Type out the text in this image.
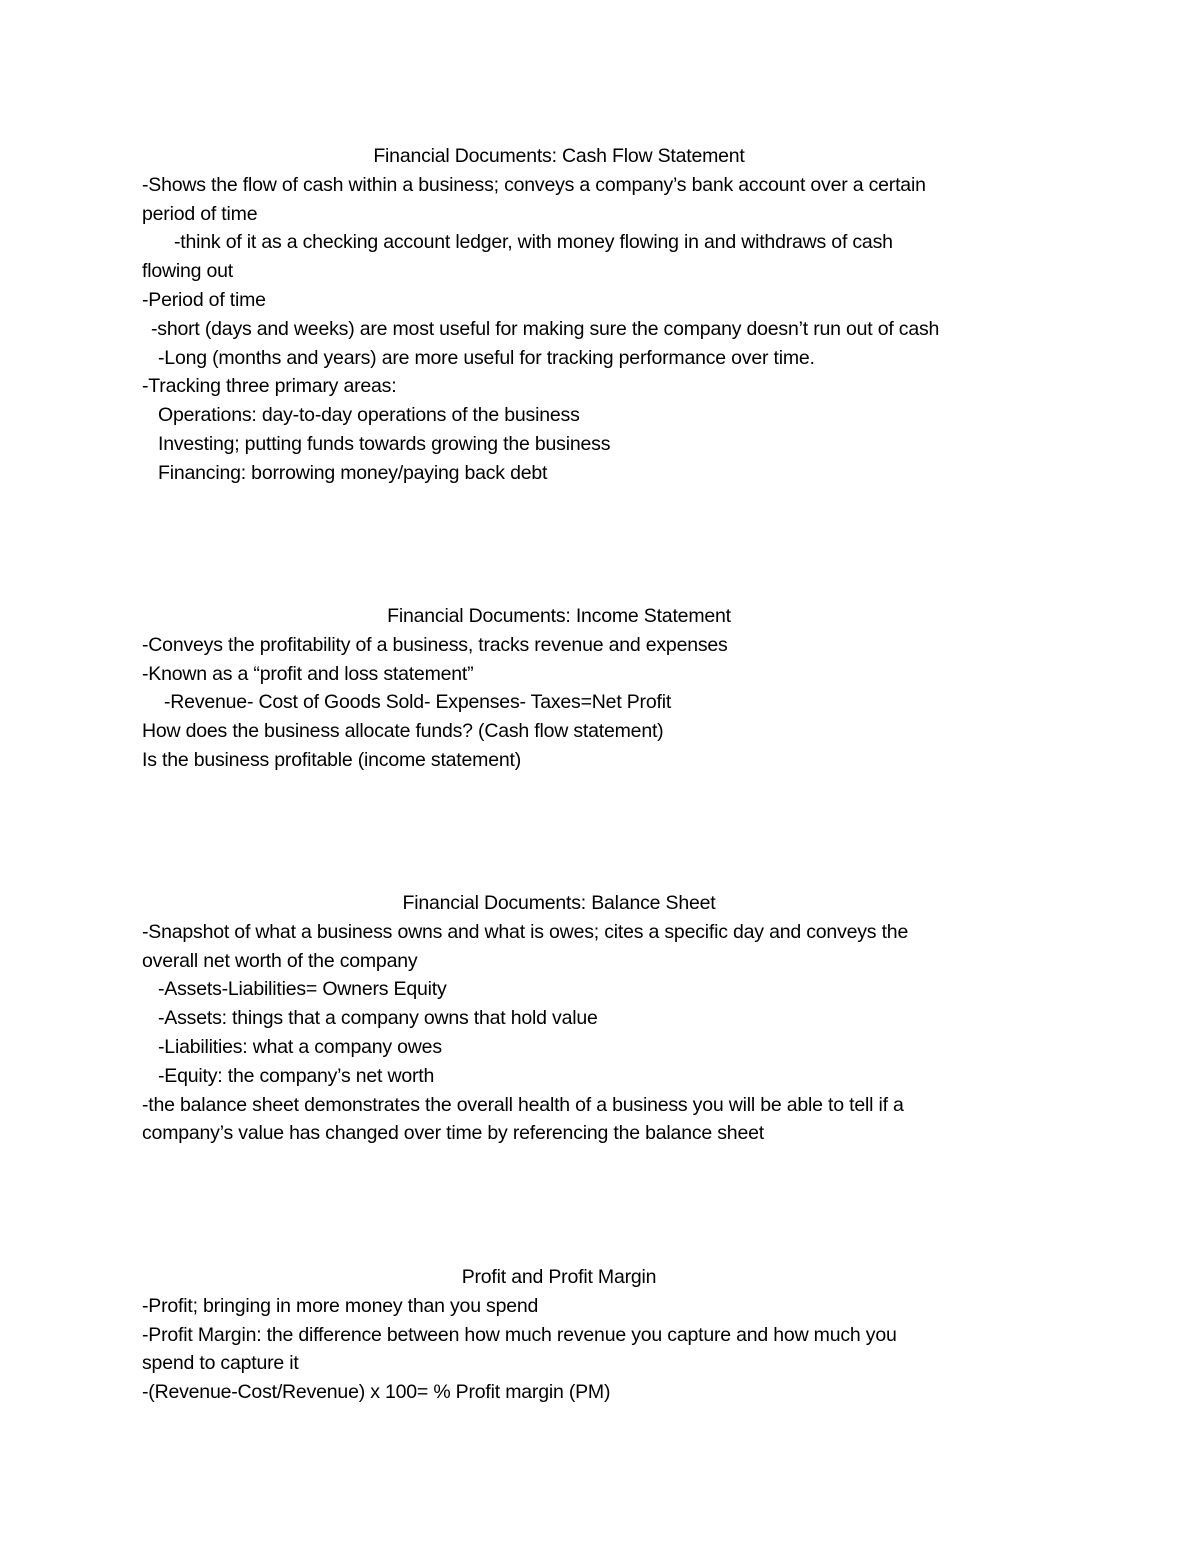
Financial Documents: Cash Flow Statement
-Shows the flow of cash within a business; conveys a company’s bank account over a certain
period of time
-think of it as a checking account ledger, with money flowing in and withdraws of cash
flowing out
-Period of time
-short (days and weeks) are most useful for making sure the company doesn’t run out of cash
-Long (months and years) are more useful for tracking performance over time.
-Tracking three primary areas:
Operations: day-to-day operations of the business
Investing; putting funds towards growing the business
Financing: borrowing money/paying back debt
Financial Documents: Income Statement
-Conveys the profitability of a business, tracks revenue and expenses
-Known as a “profit and loss statement”
-Revenue- Cost of Goods Sold- Expenses- Taxes=Net Profit
How does the business allocate funds? (Cash flow statement)
Is the business profitable (income statement)
Financial Documents: Balance Sheet
-Snapshot of what a business owns and what is owes; cites a specific day and conveys the
overall net worth of the company
-Assets-Liabilities= Owners Equity
-Assets: things that a company owns that hold value
-Liabilities: what a company owes
-Equity: the company’s net worth
-the balance sheet demonstrates the overall health of a business you will be able to tell if a
company’s value has changed over time by referencing the balance sheet
Profit and Profit Margin
-Profit; bringing in more money than you spend
-Profit Margin: the difference between how much revenue you capture and how much you
spend to capture it
-(Revenue-Cost/Revenue) x 100= % Profit margin (PM)
